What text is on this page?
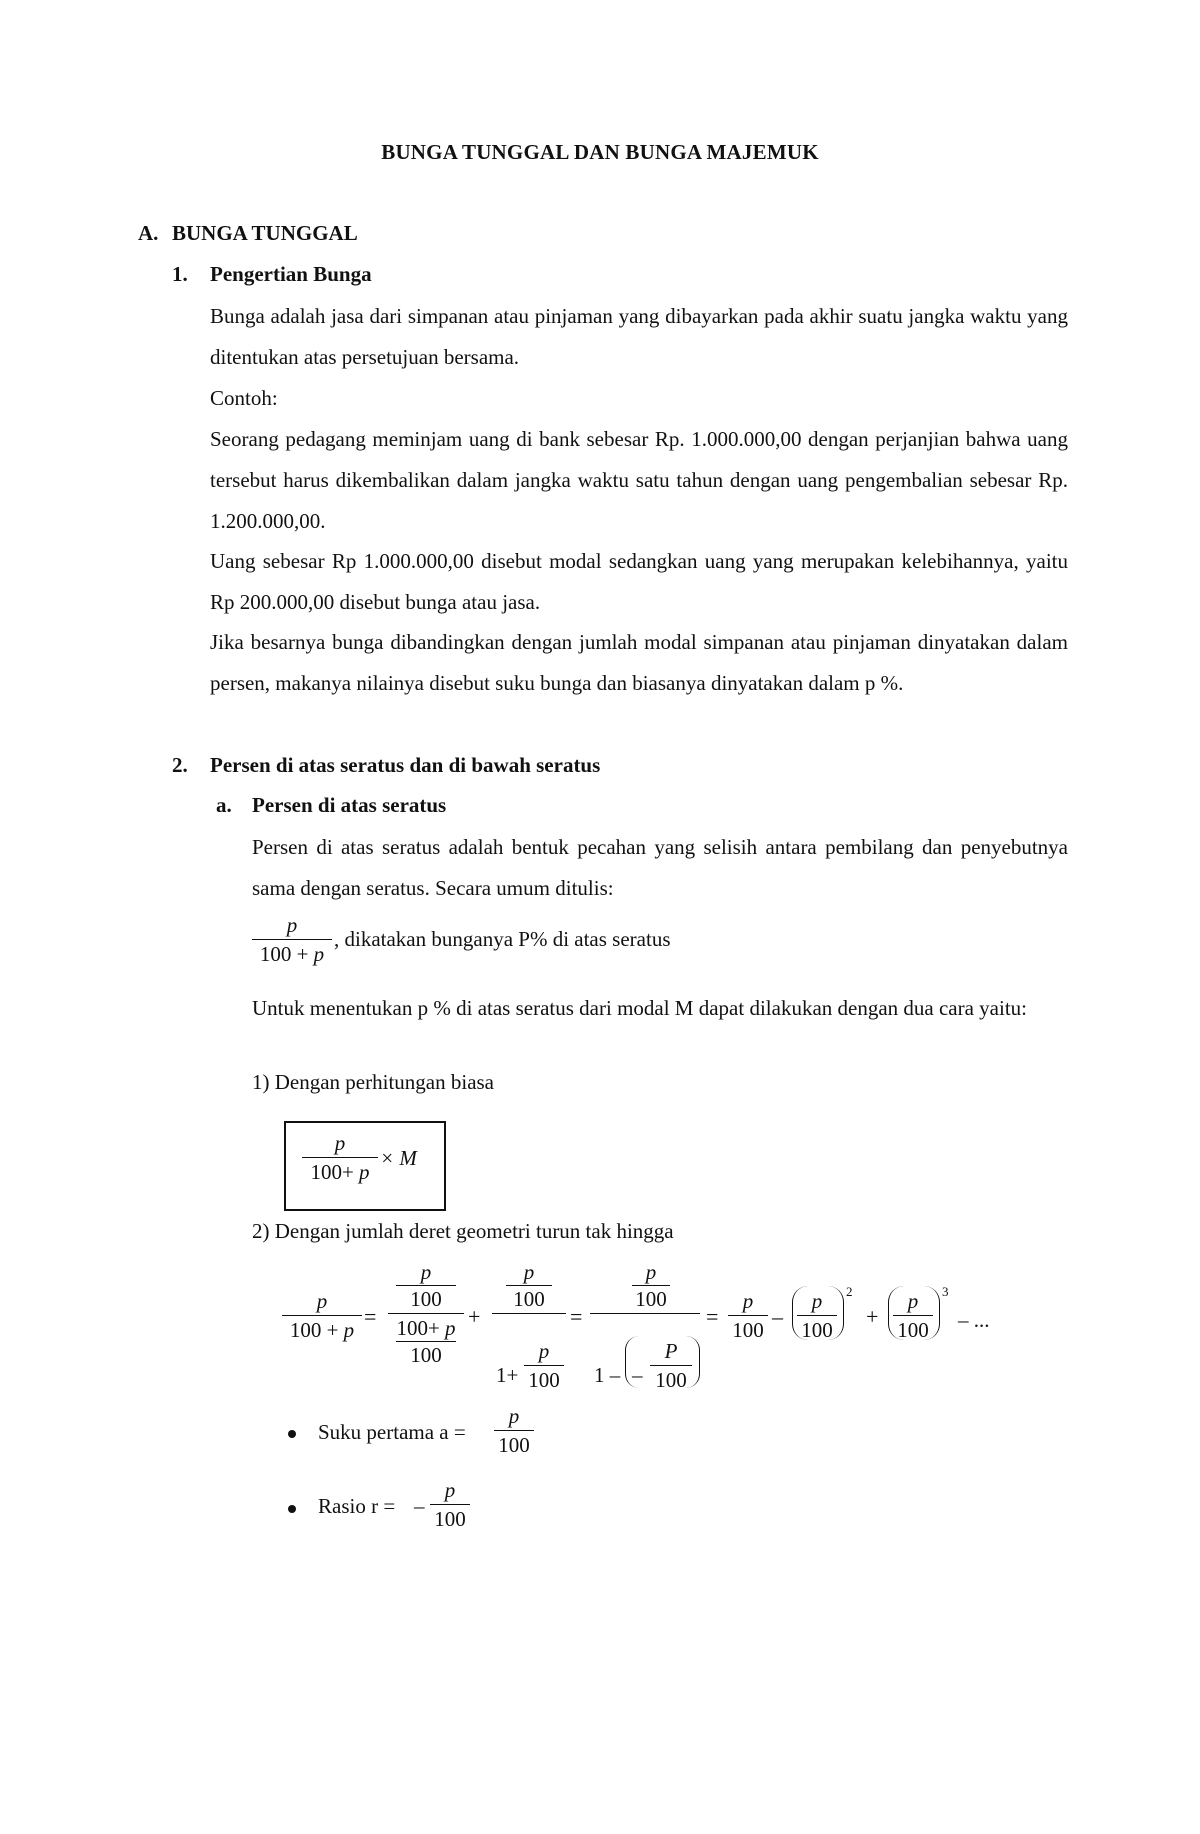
BUNGA TUNGGAL DAN BUNGA MAJEMUK
A. BUNGA TUNGGAL
1. Pengertian Bunga
Bunga adalah jasa dari simpanan atau pinjaman yang dibayarkan pada akhir suatu jangka waktu yang ditentukan atas persetujuan bersama.
Contoh:
Seorang pedagang meminjam uang di bank sebesar Rp. 1.000.000,00 dengan perjanjian bahwa uang tersebut harus dikembalikan dalam jangka waktu satu tahun dengan uang pengembalian sebesar Rp. 1.200.000,00.
Uang sebesar Rp 1.000.000,00 disebut modal sedangkan uang yang merupakan kelebihannya, yaitu Rp 200.000,00 disebut bunga atau jasa.
Jika besarnya bunga dibandingkan dengan jumlah modal simpanan atau pinjaman dinyatakan dalam persen, makanya nilainya disebut suku bunga dan biasanya dinyatakan dalam p %.
2. Persen di atas seratus dan di bawah seratus
a. Persen di atas seratus
Persen di atas seratus adalah bentuk pecahan yang selisih antara pembilang dan penyebutnya sama dengan seratus. Secara umum ditulis:
p
100 + p
, dikatakan bunganya P% di atas seratus
Untuk menentukan p % di atas seratus dari modal M dapat dilakukan dengan dua cara yaitu:
1) Dengan perhitungan biasa
p
100+ p
× M
2) Dengan jumlah deret geometri turun tak hingga
p
100 + p
=
p
100
100+ p
100
+
p
100
1+
p
100
=
p
100
1 – –
P
100
=
p
100
–
p
100
2
+
p
100
3
– ...
Suku pertama a =
p
100
Rasio r = –
p
100
